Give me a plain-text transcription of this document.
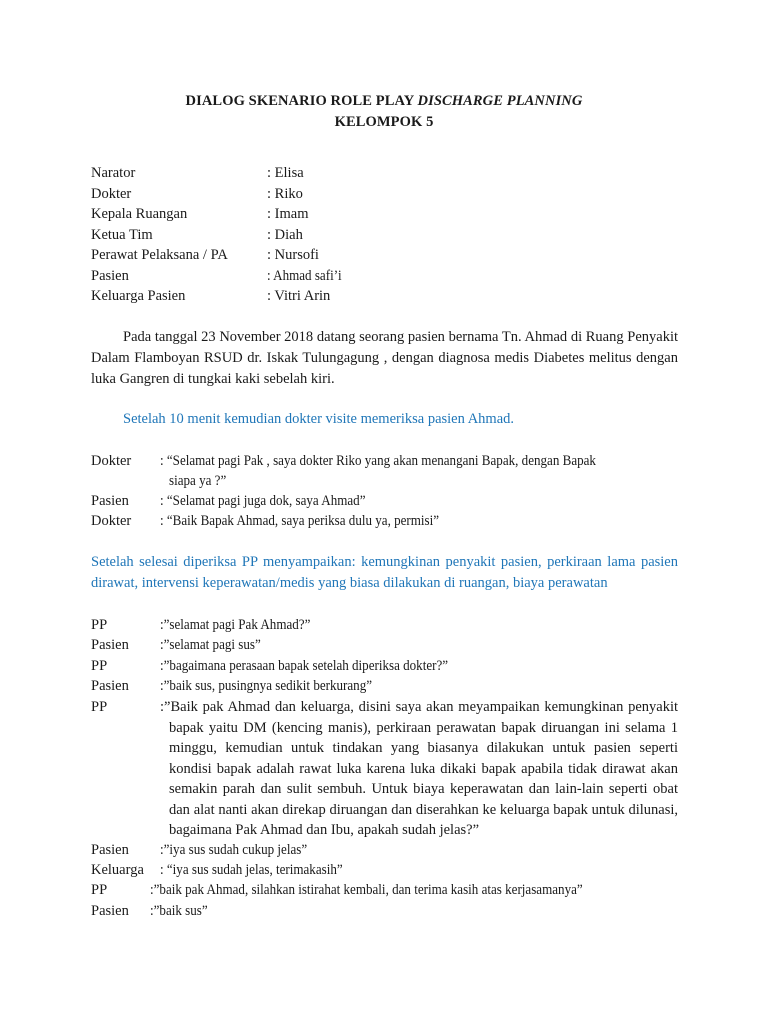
DIALOG SKENARIO ROLE PLAY DISCHARGE PLANNING
KELOMPOK 5
Narator	: Elisa
Dokter	: Riko
Kepala Ruangan	: Imam
Ketua Tim	: Diah
Perawat Pelaksana / PA	: Nursofi
Pasien	: Ahmad safi’i
Keluarga Pasien	: Vitri Arin
Pada tanggal 23 November 2018 datang seorang pasien bernama Tn. Ahmad di Ruang Penyakit Dalam Flamboyan RSUD dr. Iskak Tulungagung , dengan diagnosa medis Diabetes melitus dengan luka Gangren di tungkai kaki sebelah kiri.
Setelah 10 menit kemudian dokter visite memeriksa pasien Ahmad.
Dokter : “Selamat pagi Pak , saya dokter Riko yang akan menangani Bapak, dengan Bapak
siapa ya ?”
Pasien : “Selamat pagi juga dok, saya Ahmad”
Dokter : “Baik Bapak Ahmad, saya periksa dulu ya, permisi”
Setelah selesai diperiksa PP menyampaikan: kemungkinan penyakit pasien, perkiraan lama pasien dirawat, intervensi keperawatan/medis yang biasa dilakukan di ruangan, biaya perawatan
PP	:”selamat pagi Pak Ahmad?”
Pasien :”selamat pagi sus”
PP	:”bagaimana perasaan bapak setelah diperiksa dokter?”
Pasien :”baik sus, pusingnya sedikit berkurang”
PP	:”Baik pak Ahmad dan keluarga, disini saya akan meyampaikan kemungkinan penyakit bapak yaitu DM (kencing manis), perkiraan perawatan bapak diruangan ini selama 1 minggu, kemudian untuk tindakan yang biasanya dilakukan untuk pasien seperti kondisi bapak adalah rawat luka karena luka dikaki bapak apabila tidak dirawat akan semakin parah dan sulit sembuh. Untuk biaya keperawatan dan lain-lain seperti obat dan alat nanti akan direkap diruangan dan diserahkan ke keluarga bapak untuk dilunasi, bagaimana Pak Ahmad dan Ibu, apakah sudah jelas?”
Pasien :”iya sus sudah cukup jelas”
Keluarga : “iya sus sudah jelas, terimakasih”
PP	:”baik pak Ahmad, silahkan istirahat kembali, dan terima kasih atas kerjasamanya”
Pasien :”baik sus”
